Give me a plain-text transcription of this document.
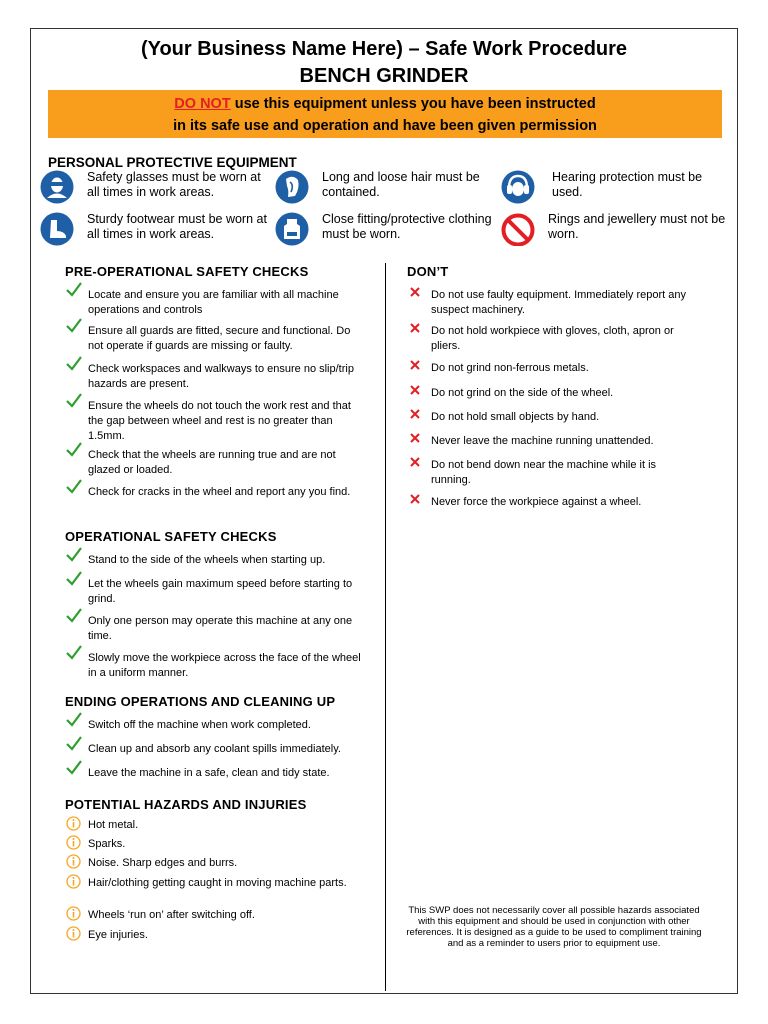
(Your Business Name Here) – Safe Work Procedure
BENCH GRINDER
DO NOT use this equipment unless you have been instructed
in its safe use and operation and have been given permission
PERSONAL PROTECTIVE EQUIPMENT
Safety glasses must be worn at all times in work areas.
Long and loose hair must be contained.
Hearing protection must be used.
Sturdy footwear must be worn at all times in work areas.
Close fitting/protective clothing must be worn.
Rings and jewellery must not be worn.
PRE-OPERATIONAL SAFETY CHECKS
Locate and ensure you are familiar with all machine operations and controls
Ensure all guards are fitted, secure and functional. Do not operate if guards are missing or faulty.
Check workspaces and walkways to ensure no slip/trip hazards are present.
Ensure the wheels do not touch the work rest and that the gap between wheel and rest is no greater than 1.5mm.
Check that the wheels are running true and are not glazed or loaded.
Check for cracks in the wheel and report any you find.
OPERATIONAL SAFETY CHECKS
Stand to the side of the wheels when starting up.
Let the wheels gain maximum speed before starting to grind.
Only one person may operate this machine at any one time.
Slowly move the workpiece across the face of the wheel in a uniform manner.
ENDING OPERATIONS AND CLEANING UP
Switch off the machine when work completed.
Clean up and absorb any coolant spills immediately.
Leave the machine in a safe, clean and tidy state.
POTENTIAL HAZARDS AND INJURIES
Hot metal.
Sparks.
Noise. Sharp edges and burrs.
Hair/clothing getting caught in moving machine parts.
Wheels ‘run on’ after switching off.
Eye injuries.
DON’T
Do not use faulty equipment. Immediately report any suspect machinery.
Do not hold workpiece with gloves, cloth, apron or pliers.
Do not grind non-ferrous metals.
Do not grind on the side of the wheel.
Do not hold small objects by hand.
Never leave the machine running unattended.
Do not bend down near the machine while it is running.
Never force the workpiece against a wheel.
This SWP does not necessarily cover all possible hazards associated with this equipment and should be used in conjunction with other references. It is designed as a guide to be used to compliment training and as a reminder to users prior to equipment use.
